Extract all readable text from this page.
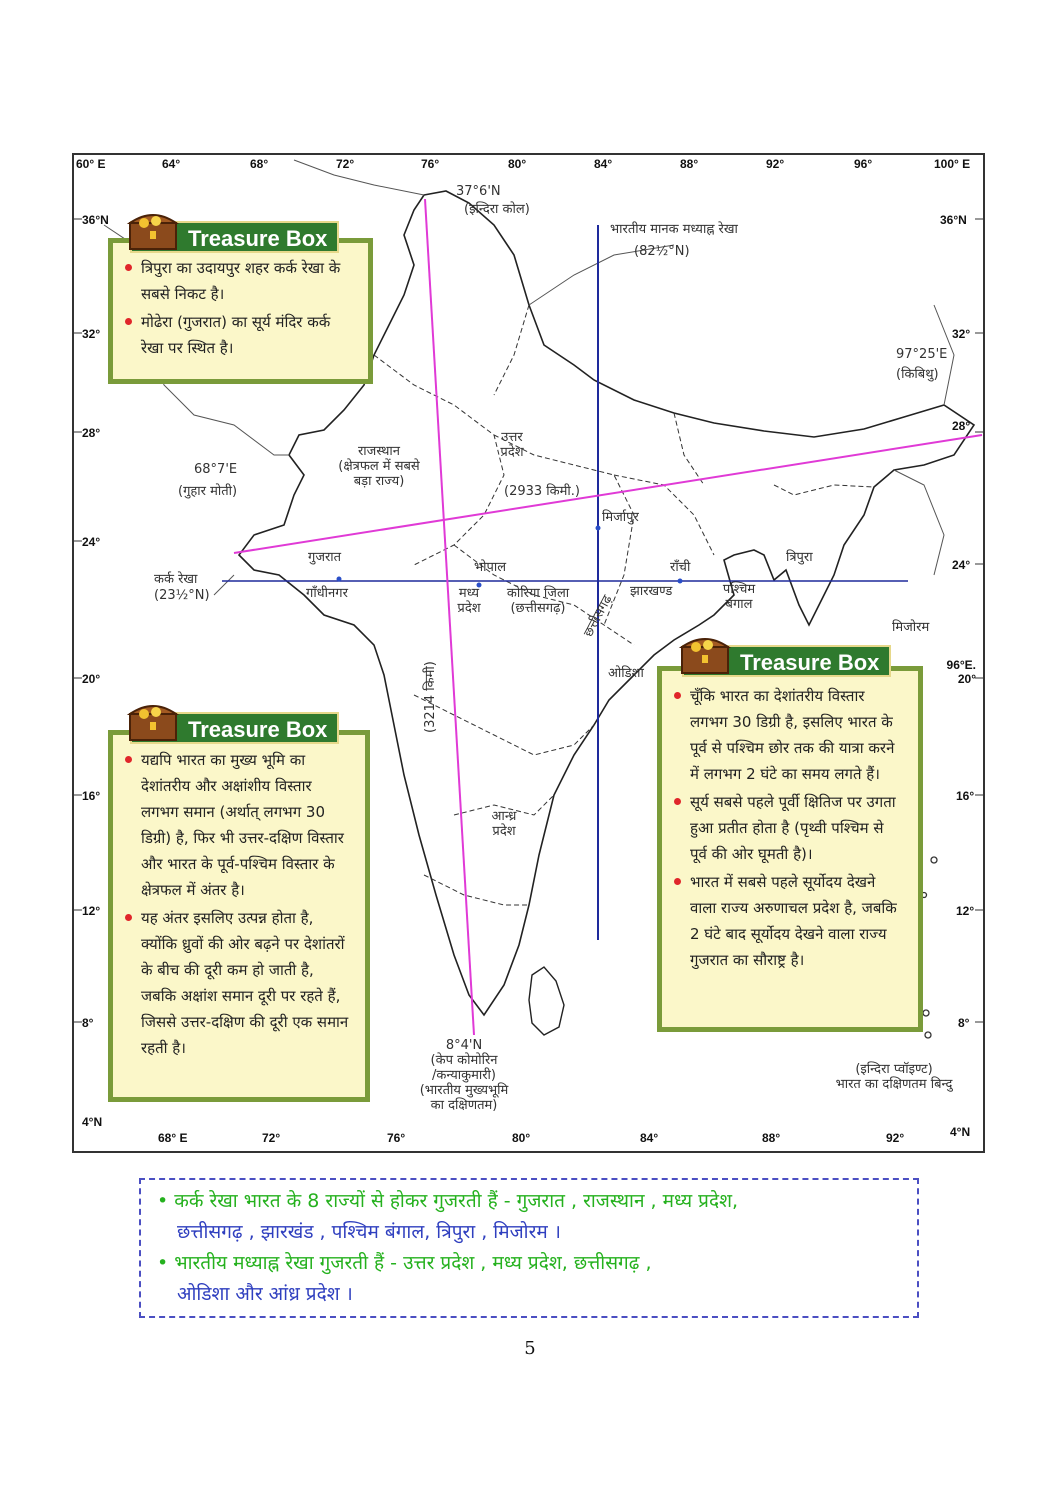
60° E	64°	68°	72°	76°	80°	84°	88°	92°	96°	100° E
68° E	72°	76°	80°	84°	88°	92°
36°N
32°
28°
24°
20°
16°
12°
8°
4°N
36°N
32°
28°
24°
96°E. 20°
16°
12°
8°
4°N
37°6'N
(इन्दिरा कोल)
भारतीय मानक मध्याह्न रेखा
(82½°N)
97°25'E
(किबिथु)
68°7'E
(गुहार मोती)
राजस्थान
(क्षेत्रफल में सबसे
बड़ा राज्य)
उत्तर
प्रदेश
(2933 किमी.)
मिर्जापुर
गुजरात
गाँधीनगर
कर्क रेखा
(23½°N)
भोपाल
मध्य
प्रदेश
कोरिया जिला
(छत्तीसगढ़)	छत्तीसगढ़
राँची
झारखण्ड	पश्चिम
बंगाल
त्रिपुरा
मिजोरम
ओडिशा
(3214 किमी)
आन्ध्र
प्रदेश
8°4'N
(केप कोमोरिन
/कन्याकुमारी)
(भारतीय मुख्यभूमि
का दक्षिणतम)
(इन्दिरा प्वॉइण्ट)
भारत का दक्षिणतम बिन्दु
त्रिपुरा का उदायपुर शहर कर्क रेखा के सबसे निकट है।
मोढेरा (गुजरात) का सूर्य मंदिर कर्क रेखा पर स्थित है।
Treasure Box
यद्यपि भारत का मुख्य भूमि का देशांतरीय और अक्षांशीय विस्तार लगभग समान (अर्थात् लगभग 30 डिग्री) है, फिर भी उत्तर-दक्षिण विस्तार और भारत के पूर्व-पश्चिम विस्तार के क्षेत्रफल में अंतर है।
यह अंतर इसलिए उत्पन्न होता है, क्योंकि ध्रुवों की ओर बढ़ने पर देशांतरों के बीच की दूरी कम हो जाती है, जबकि अक्षांश समान दूरी पर रहते हैं, जिससे उत्तर-दक्षिण की दूरी एक समान रहती है।
Treasure Box
चूँकि भारत का देशांतरीय विस्तार लगभग 30 डिग्री है, इसलिए भारत के पूर्व से पश्चिम छोर तक की यात्रा करने में लगभग 2 घंटे का समय लगते हैं।
सूर्य सबसे पहले पूर्वी क्षितिज पर उगता हुआ प्रतीत होता है (पृथ्वी पश्चिम से पूर्व की ओर घूमती है)।
भारत में सबसे पहले सूर्योदय देखने वाला राज्य अरुणाचल प्रदेश है, जबकि 2 घंटे बाद सूर्योदय देखने वाला राज्य गुजरात का सौराष्ट्र है।
Treasure Box

• कर्क रेखा भारत के 8 राज्यों से होकर गुजरती हैं - गुजरात , राजस्थान , मध्य प्रदेश,

छत्तीसगढ़ , झारखंड , पश्चिम बंगाल, त्रिपुरा , मिजोरम ।

• भारतीय मध्याह्न रेखा गुजरती हैं - उत्तर प्रदेश , मध्य प्रदेश, छत्तीसगढ़ ,

ओडिशा और आंध्र प्रदेश ।

5
